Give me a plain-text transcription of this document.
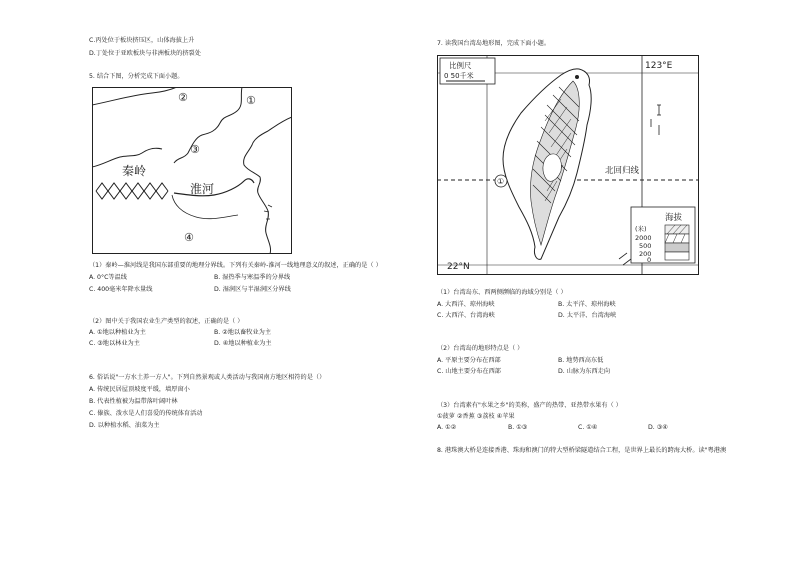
C.丙处位于板块挤压区，山体海拔上升
D.丁处位于亚欧板块与非洲板块的挤裂处
5. 结合下图，分析完成下面小题。
②	①
③
秦岭
淮河
④
（1）秦岭—淮河线是我国东部重要的地理分界线。下列有关秦岭-淮河一线地理意义的叙述，正确的是（ ）
A. 0°C等温线	B. 湿热季与寒温季的分界线
C. 400毫米年降水量线	D. 湿润区与半湿润区分界线
（2）图中关于我国农业生产类型的叙述，正确的是（ ）
A. ①地以种植业为主	B. ②地以畜牧业为主
C. ③地以林业为主	D. ④地以种植业为主
6. 俗话说"一方水土养一方人"。下列自然景观或人类活动与我国南方地区相符的是（）
A. 传统民居屋顶坡度平缓，墙厚窗小
B. 代表性植被为温带落叶阔叶林
C. 傣族、泼水是人们喜爱的传统体育活动
D. 以种植水稻、油菜为主
7. 读我国台湾岛地形图，完成下面小题。
比例尺
0 50千米
123°E
①
北回归线
22°N
海拔
(米)
2000
500
200
0
（1）台湾岛东、西两侧濒临的海域分别是（ ）
A. 大西洋、琼州海峡	B. 太平洋、琼州海峡
C. 大西洋、台湾海峡	D. 太平洋、台湾海峡
（2）台湾岛的地形特点是（ ）
A. 平原主要分布在西部	B. 地势西高东低
C. 山地主要分布在西部	D. 山脉为东西走向
（3）台湾素有"水果之乡"的美称，盛产的热带、亚热带水果有（ ）
①菠萝 ②香蕉 ③荔枝 ④苹果
A. ①②	B. ①③	C. ①④	D. ③④
8. 港珠澳大桥是连接香港、珠海和澳门的特大型桥梁隧道结合工程，是世界上最长的跨海大桥。读"粤港澳
